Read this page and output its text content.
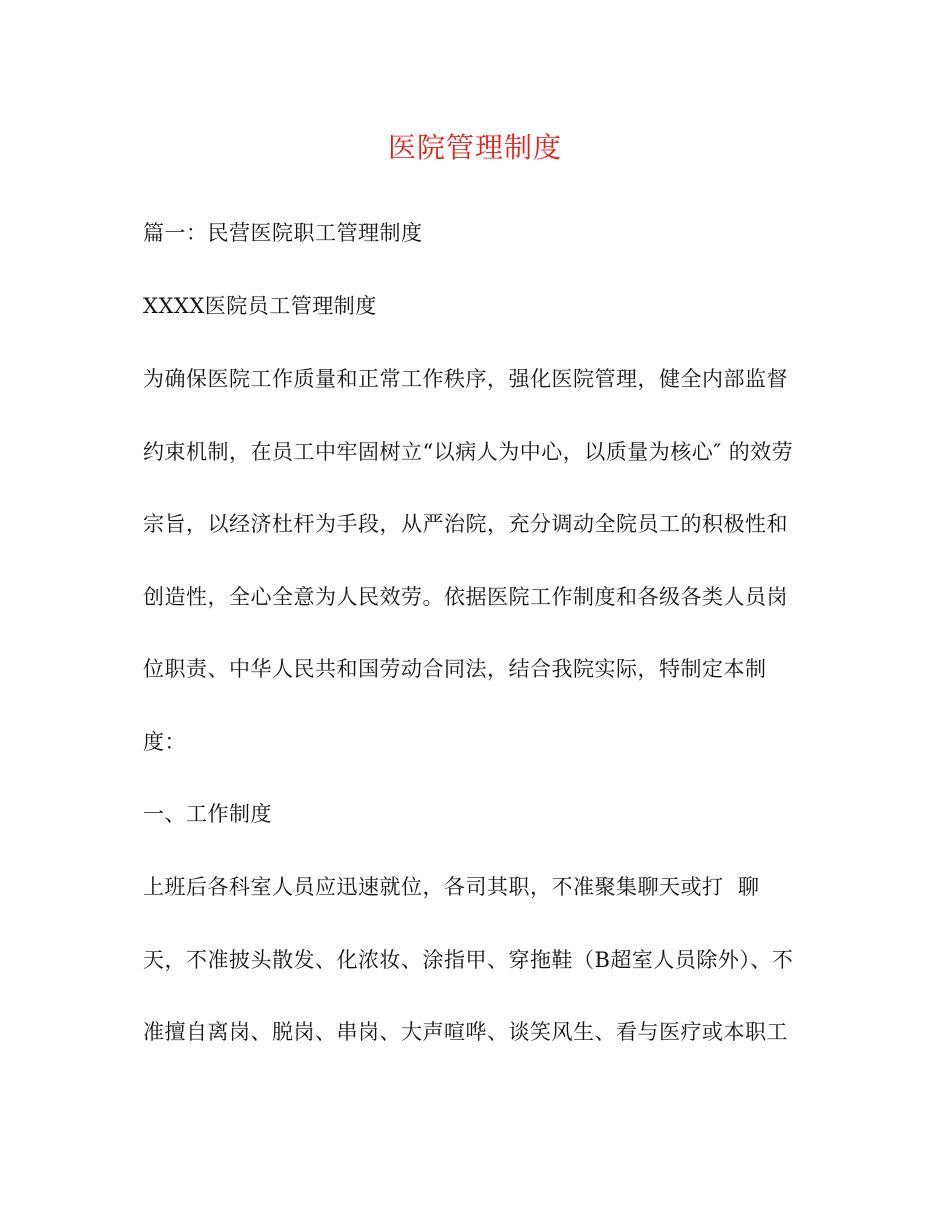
医院管理制度
篇一：民营医院职工管理制度
XXXX医院员工管理制度
为确保医院工作质量和正常工作秩序，强化医院管理，健全内部监督
约束机制，在员工中牢固树立“以病人为中心，以质量为核心″ 的效劳
宗旨，以经济杜杆为手段，从严治院，充分调动全院员工的积极性和
创造性，全心全意为人民效劳。依据医院工作制度和各级各类人员岗
位职责、中华人民共和国劳动合同法，结合我院实际，特制定本制
度：
一、工作制度
上班后各科室人员应迅速就位，各司其职，不准聚集聊天或打  聊
天，不准披头散发、化浓妆、涂指甲、穿拖鞋（B超室人员除外）、不
准擅自离岗、脱岗、串岗、大声喧哗、谈笑风生、看与医疗或本职工
